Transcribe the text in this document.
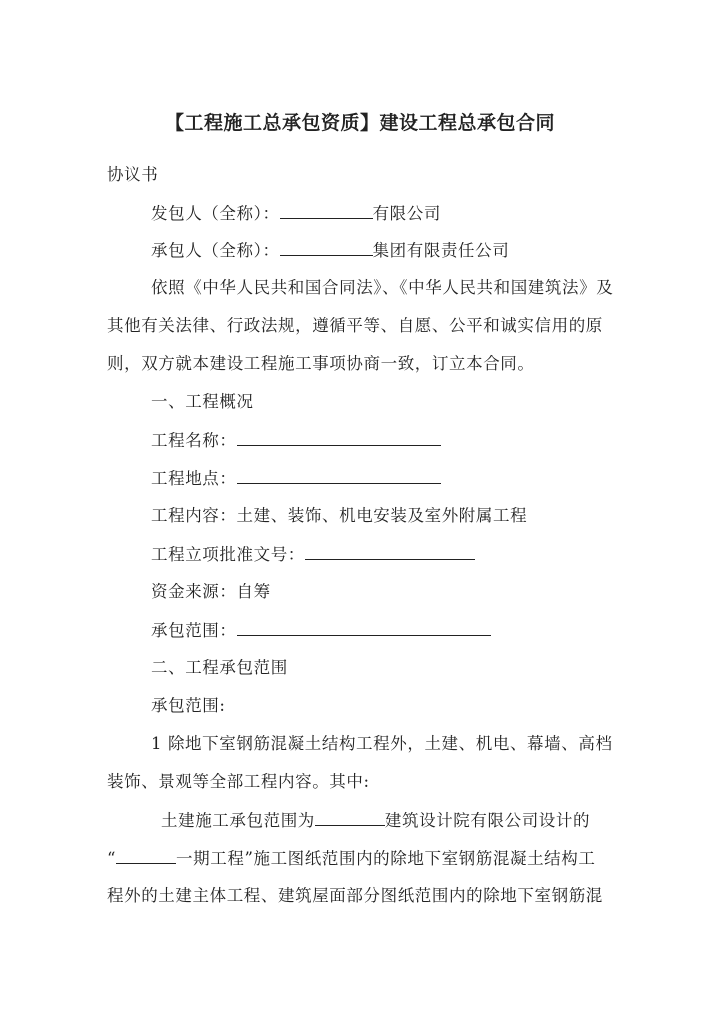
【工程施工总承包资质】建设工程总承包合同
协议书
发包人（全称）：	有限公司
承包人（全称）：	集团有限责任公司
依照《中华人民共和国合同法》、《中华人民共和国建筑法》及
其他有关法律、行政法规，遵循平等、自愿、公平和诚实信用的原
则，双方就本建设工程施工事项协商一致，订立本合同。
一、工程概况
工程名称：
工程地点：
工程内容：土建、装饰、机电安装及室外附属工程
工程立项批准文号：
资金来源：自筹
承包范围：
二、工程承包范围
承包范围:
1 除地下室钢筋混凝土结构工程外，土建、机电、幕墙、高档
装饰、景观等全部工程内容。其中:
土建施工承包范围为	建筑设计院有限公司设计的
“	一期工程”施工图纸范围内的除地下室钢筋混凝土结构工
程外的土建主体工程、建筑屋面部分图纸范围内的除地下室钢筋混
